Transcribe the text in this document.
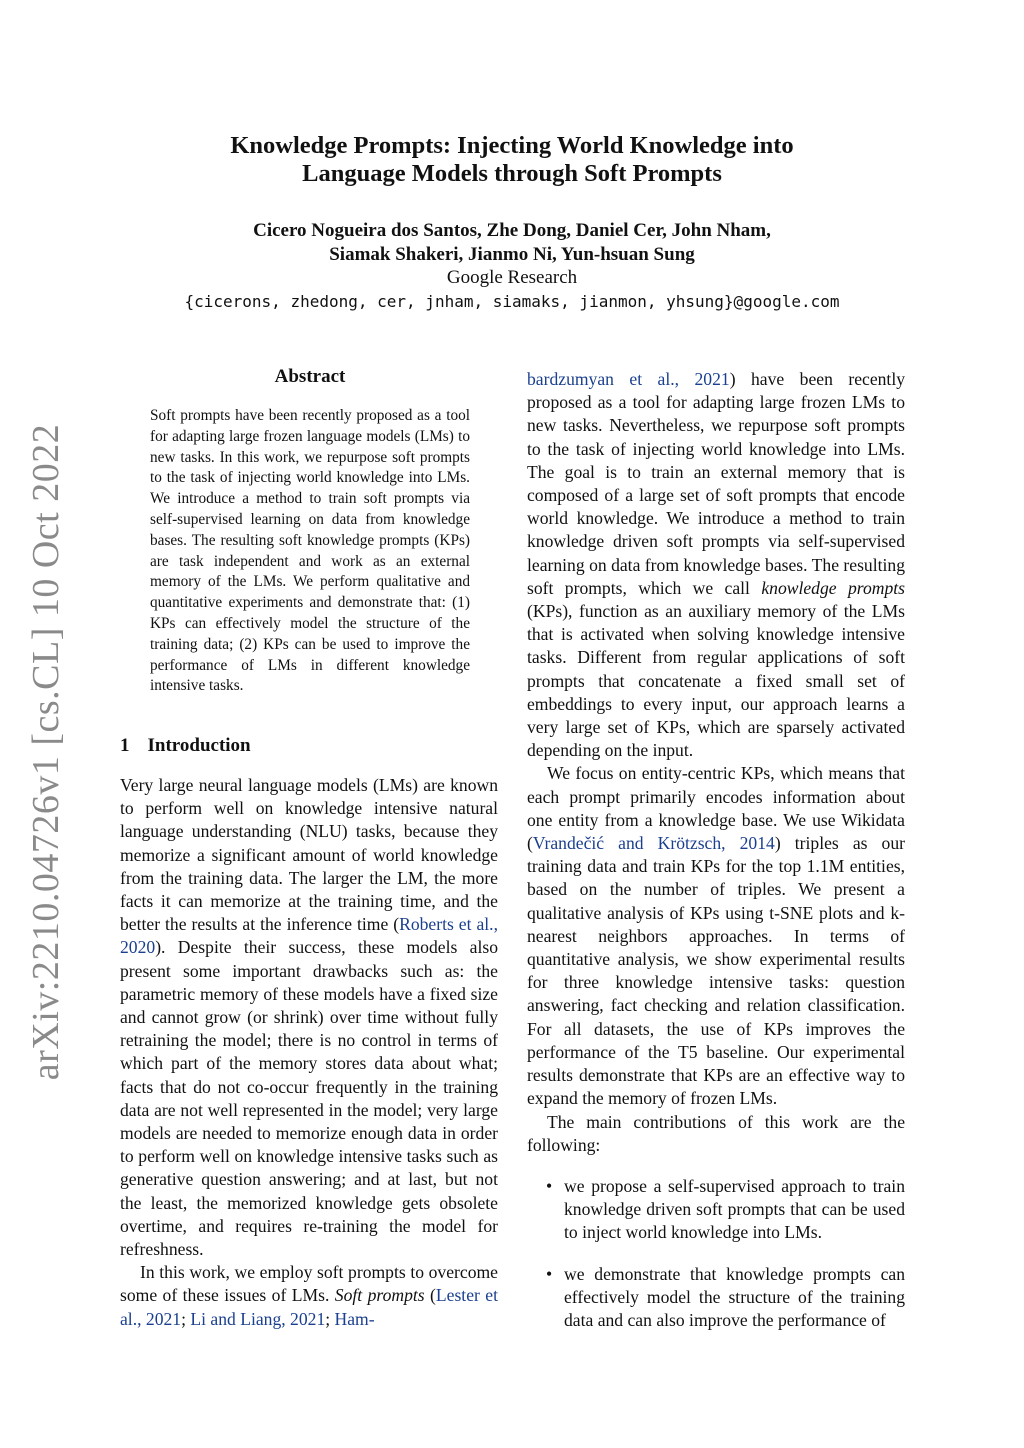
arXiv:2210.04726v1 [cs.CL] 10 Oct 2022
Knowledge Prompts: Injecting World Knowledge into
Language Models through Soft Prompts
Cicero Nogueira dos Santos, Zhe Dong, Daniel Cer, John Nham,
Siamak Shakeri, Jianmo Ni, Yun-hsuan Sung
Google Research
{cicerons, zhedong, cer, jnham, siamaks, jianmon, yhsung}@google.com
Abstract
Soft prompts have been recently proposed as a tool for adapting large frozen language models (LMs) to new tasks. In this work, we repurpose soft prompts to the task of injecting world knowledge into LMs. We introduce a method to train soft prompts via self-supervised learning on data from knowledge bases. The resulting soft knowledge prompts (KPs) are task independent and work as an external memory of the LMs. We perform qualitative and quantitative experiments and demonstrate that: (1) KPs can effectively model the structure of the training data; (2) KPs can be used to improve the performance of LMs in different knowledge intensive tasks.
1 Introduction

Very large neural language models (LMs) are known to perform well on knowledge intensive natural language understanding (NLU) tasks, because they memorize a significant amount of world knowledge from the training data. The larger the LM, the more facts it can memorize at the training time, and the better the results at the inference time (Roberts et al., 2020). Despite their success, these models also present some important drawbacks such as: the parametric memory of these models have a fixed size and cannot grow (or shrink) over time without fully retraining the model; there is no control in terms of which part of the memory stores data about what; facts that do not co-occur frequently in the training data are not well represented in the model; very large models are needed to memorize enough data in order to perform well on knowledge intensive tasks such as generative question answering; and at last, but not the least, the memorized knowledge gets obsolete overtime, and requires re-training the model for refreshness.

In this work, we employ soft prompts to overcome some of these issues of LMs. Soft prompts (Lester et al., 2021; Li and Liang, 2021; Ham-

bardzumyan et al., 2021) have been recently proposed as a tool for adapting large frozen LMs to new tasks. Nevertheless, we repurpose soft prompts to the task of injecting world knowledge into LMs. The goal is to train an external memory that is composed of a large set of soft prompts that encode world knowledge. We introduce a method to train knowledge driven soft prompts via self-supervised learning on data from knowledge bases. The resulting soft prompts, which we call knowledge prompts (KPs), function as an auxiliary memory of the LMs that is activated when solving knowledge intensive tasks. Different from regular applications of soft prompts that concatenate a fixed small set of embeddings to every input, our approach learns a very large set of KPs, which are sparsely activated depending on the input.

We focus on entity-centric KPs, which means that each prompt primarily encodes information about one entity from a knowledge base. We use Wikidata (Vrandečić and Krötzsch, 2014) triples as our training data and train KPs for the top 1.1M entities, based on the number of triples. We present a qualitative analysis of KPs using t-SNE plots and k-nearest neighbors approaches. In terms of quantitative analysis, we show experimental results for three knowledge intensive tasks: question answering, fact checking and relation classification. For all datasets, the use of KPs improves the performance of the T5 baseline. Our experimental results demonstrate that KPs are an effective way to expand the memory of frozen LMs.

The main contributions of this work are the following:

• we propose a self-supervised approach to train knowledge driven soft prompts that can be used to inject world knowledge into LMs.
• we demonstrate that knowledge prompts can effectively model the structure of the training data and can also improve the performance of
